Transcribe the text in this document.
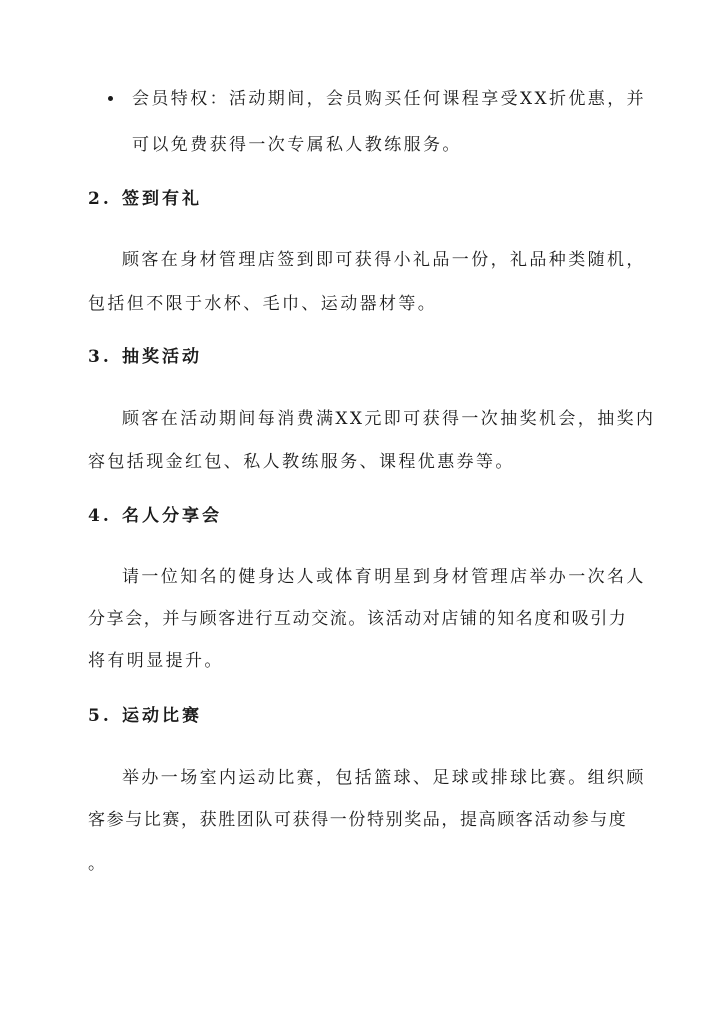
会员特权：活动期间，会员购买任何课程享受XX折优惠，并
可以免费获得一次专属私人教练服务。
2. 签到有礼
顾客在身材管理店签到即可获得小礼品一份，礼品种类随机，
包括但不限于水杯、毛巾、运动器材等。
3. 抽奖活动
顾客在活动期间每消费满XX元即可获得一次抽奖机会，抽奖内
容包括现金红包、私人教练服务、课程优惠券等。
4. 名人分享会
请一位知名的健身达人或体育明星到身材管理店举办一次名人
分享会，并与顾客进行互动交流。该活动对店铺的知名度和吸引力
将有明显提升。
5. 运动比赛
举办一场室内运动比赛，包括篮球、足球或排球比赛。组织顾
客参与比赛，获胜团队可获得一份特别奖品，提高顾客活动参与度
。
